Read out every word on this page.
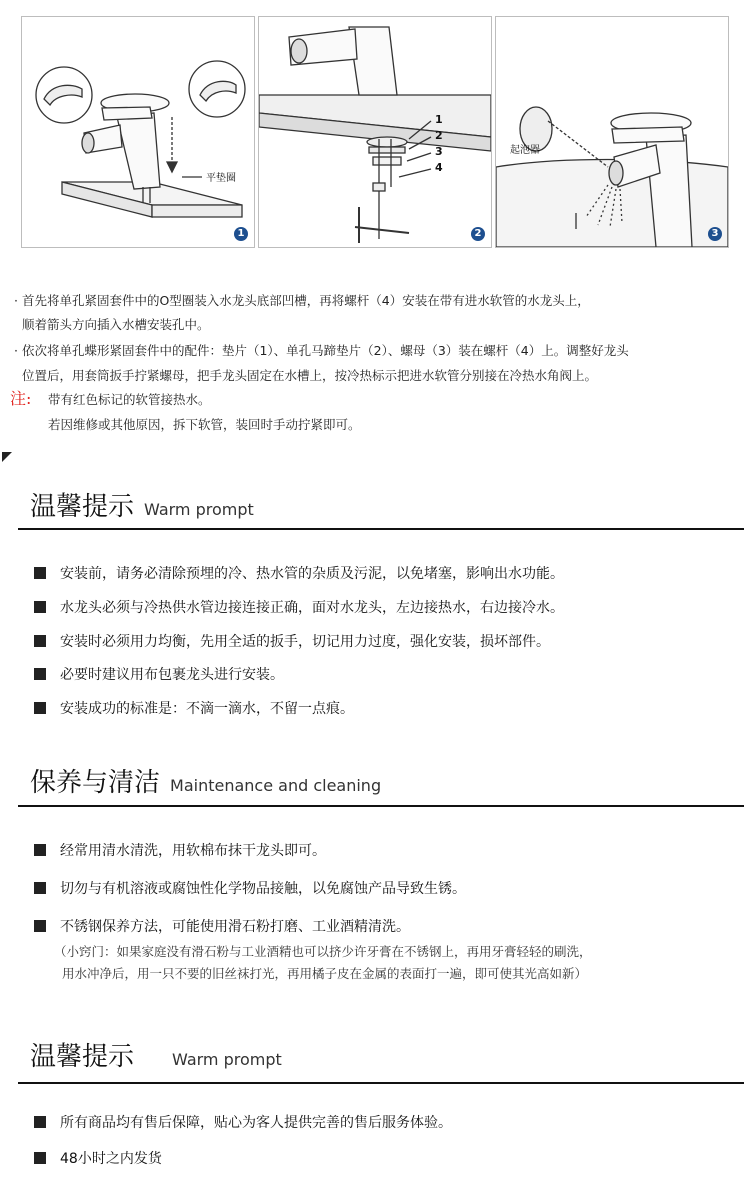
平垫圈
1
1
2
3
4
2
起泡器
3
· 首先将单孔紧固套件中的O型圈装入水龙头底部凹槽，再将螺杆（4）安装在带有进水软管的水龙头上，
顺着箭头方向插入水槽安装孔中。
· 依次将单孔蝶形紧固套件中的配件：垫片（1）、单孔马蹄垫片（2）、螺母（3）装在螺杆（4）上。调整好龙头
位置后，用套筒扳手拧紧螺母，把手龙头固定在水槽上，按冷热标示把进水软管分别接在冷热水角阀上。
注: 带有红色标记的软管接热水。
若因维修或其他原因，拆下软管，装回时手动拧紧即可。
温馨提示 Warm prompt
安装前，请务必清除预埋的冷、热水管的杂质及污泥，以免堵塞，影响出水功能。
水龙头必须与冷热供水管边接连接正确，面对水龙头，左边接热水，右边接冷水。
安装时必须用力均衡，先用全适的扳手，切记用力过度，强化安装，损坏部件。
必要时建议用布包裹龙头进行安装。
安装成功的标准是：不滴一滴水，不留一点痕。
保养与清洁 Maintenance and cleaning
经常用清水清洗，用软棉布抹干龙头即可。
切勿与有机溶液或腐蚀性化学物品接触，以免腐蚀产品导致生锈。
不锈钢保养方法，可能使用滑石粉打磨、工业酒精清洗。
（小窍门：如果家庭没有滑石粉与工业酒精也可以挤少许牙膏在不锈钢上，再用牙膏轻轻的刷洗，
用水冲净后，用一只不要的旧丝袜打光，再用橘子皮在金属的表面打一遍，即可使其光高如新）
温馨提示 Warm prompt
所有商品均有售后保障，贴心为客人提供完善的售后服务体验。
48小时之内发货
